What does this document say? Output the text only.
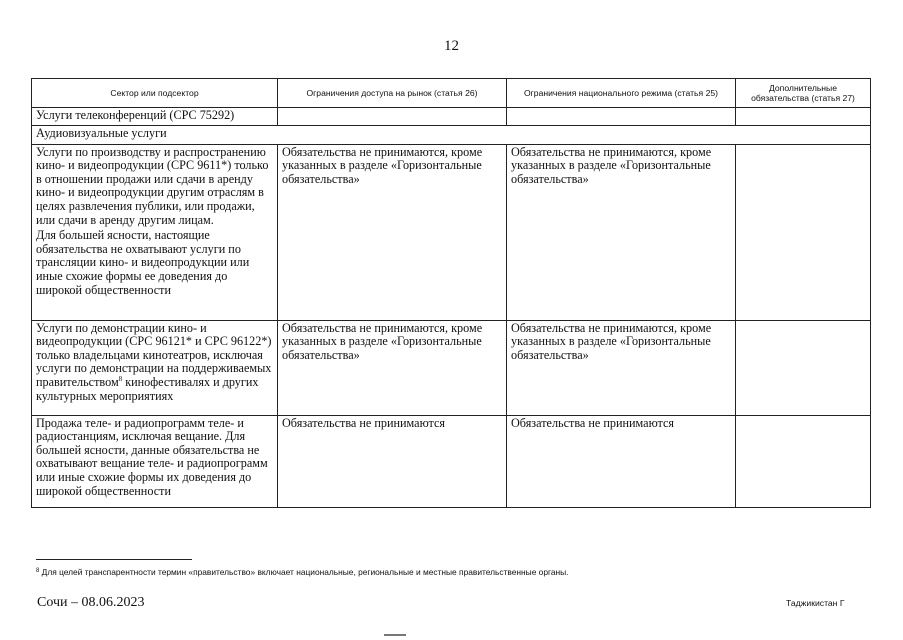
12
Сектор или подсектор	Ограничения доступа на рынок (статья 26)	Ограничения национального режима (статья 25)	Дополнительные обязательства (статья 27)
Услуги телеконференций (СРС 75292)			
Аудиовизуальные услуги			

Услуги по производству и распространению кино- и видеопродукции (СРС 9611*) только в отношении продажи или сдачи в аренду кино- и видеопродукции другим отраслям в целях развлечения публики, или продажи, или сдачи в аренду другим лицам.
Для большей ясности, настоящие обязательства не охватывают услуги по трансляции кино- и видеопродукции или иные схожие формы ее доведения до широкой общественности	Обязательства не принимаются, кроме указанных в разделе «Горизонтальные обязательства»	Обязательства не принимаются, кроме указанных в разделе «Горизонтальные обязательства»	
Услуги по демонстрации кино- и видеопродукции (СРС 96121* и СРС 96122*) только владельцами кинотеатров, исключая услуги по демонстрации на поддерживаемых правительством$^8$ кинофестивалях и других культурных мероприятиях	Обязательства не принимаются, кроме указанных в разделе «Горизонтальные обязательства»	Обязательства не принимаются, кроме указанных в разделе «Горизонтальные обязательства»	
Продажа теле- и радиопрограмм теле- и радиостанциям, исключая вещание. Для большей ясности, данные обязательства не охватывают вещание теле- и радиопрограмм или иные схожие формы их доведения до широкой общественности	Обязательства не принимаются	Обязательства не принимаются	
$^8$ Для целей транспарентности термин «правительство» включает национальные, региональные и местные правительственные органы.
Сочи – 08.06.2023	Таджикистан Г
